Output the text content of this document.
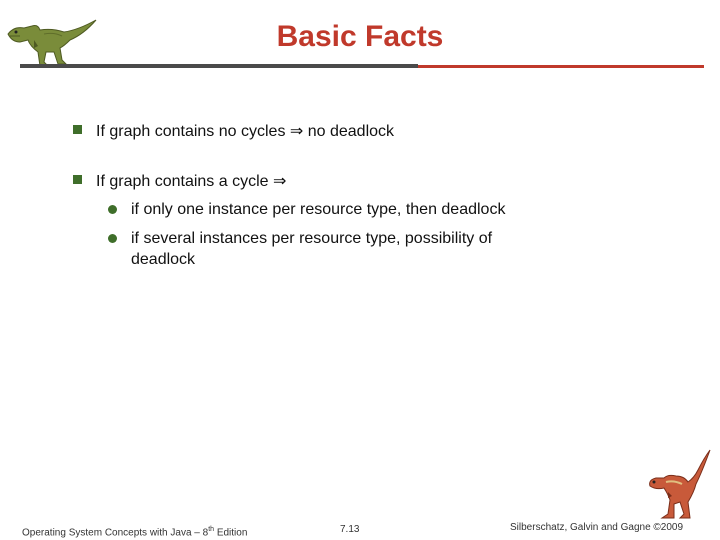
Basic Facts
If graph contains no cycles ⇒ no deadlock
If graph contains a cycle ⇒
if only one instance per resource type, then deadlock
if several instances per resource type, possibility of deadlock
Operating System Concepts with Java – 8th Edition	7.13	Silberschatz, Galvin and Gagne ©2009
